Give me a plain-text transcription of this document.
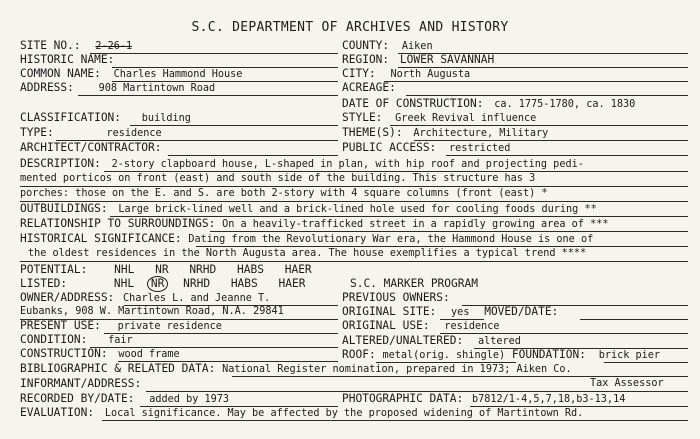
S.C. DEPARTMENT OF ARCHIVES AND HISTORY
SITE NO.: 2-26-1	COUNTY: Aiken
HISTORIC NAME:	REGION: LOWER SAVANNAH
COMMON NAME: Charles Hammond House	CITY: North Augusta
ADDRESS: 908 Martintown Road	ACREAGE:
DATE OF CONSTRUCTION: ca. 1775-1780, ca. 1830
CLASSIFICATION: building	STYLE: Greek Revival influence
TYPE:	residence	THEME(S): Architecture, Military
ARCHITECT/CONTRACTOR:	PUBLIC ACCESS: restricted
DESCRIPTION: 2-story clapboard house, L-shaped in plan, with hip roof and projecting pedi-
mented porticos on front (east) and south side of the building. This structure has 3
porches: those on the E. and S. are both 2-story with 4 square columns (front (east) *
OUTBUILDINGS: Large brick-lined well and a brick-lined hole used for cooling foods during **
RELATIONSHIP TO SURROUNDINGS: On a heavily-trafficked street in a rapidly growing area of ***
HISTORICAL SIGNIFICANCE: Dating from the Revolutionary War era, the Hammond House is one of
the oldest residences in the North Augusta area. The house exemplifies a typical trend ****
POTENTIAL: NHL NR NRHD HABS HAER
LISTED:	NHL NR NRHD HABS HAER	S.C. MARKER PROGRAM
OWNER/ADDRESS: Charles L. and Jeanne T.
Eubanks, 908 W. Martintown Road, N.A. 29841
PREVIOUS OWNERS:
ORIGINAL SITE: yes MOVED/DATE:
PRESENT USE: private residence	ORIGINAL USE: residence
CONDITION: fair	ALTERED/UNALTERED: altered
CONSTRUCTION: wood frame	ROOF: metal(orig. shingle) FOUNDATION: brick pier
BIBLIOGRAPHIC & RELATED DATA: National Register nomination, prepared in 1973; Aiken Co.
INFORMANT/ADDRESS:	Tax Assessor
RECORDED BY/DATE: added by 1973	PHOTOGRAPHIC DATA: b7812/1-4,5,7,18,b3-13,14
EVALUATION: Local significance. May be affected by the proposed widening of Martintown Rd.
